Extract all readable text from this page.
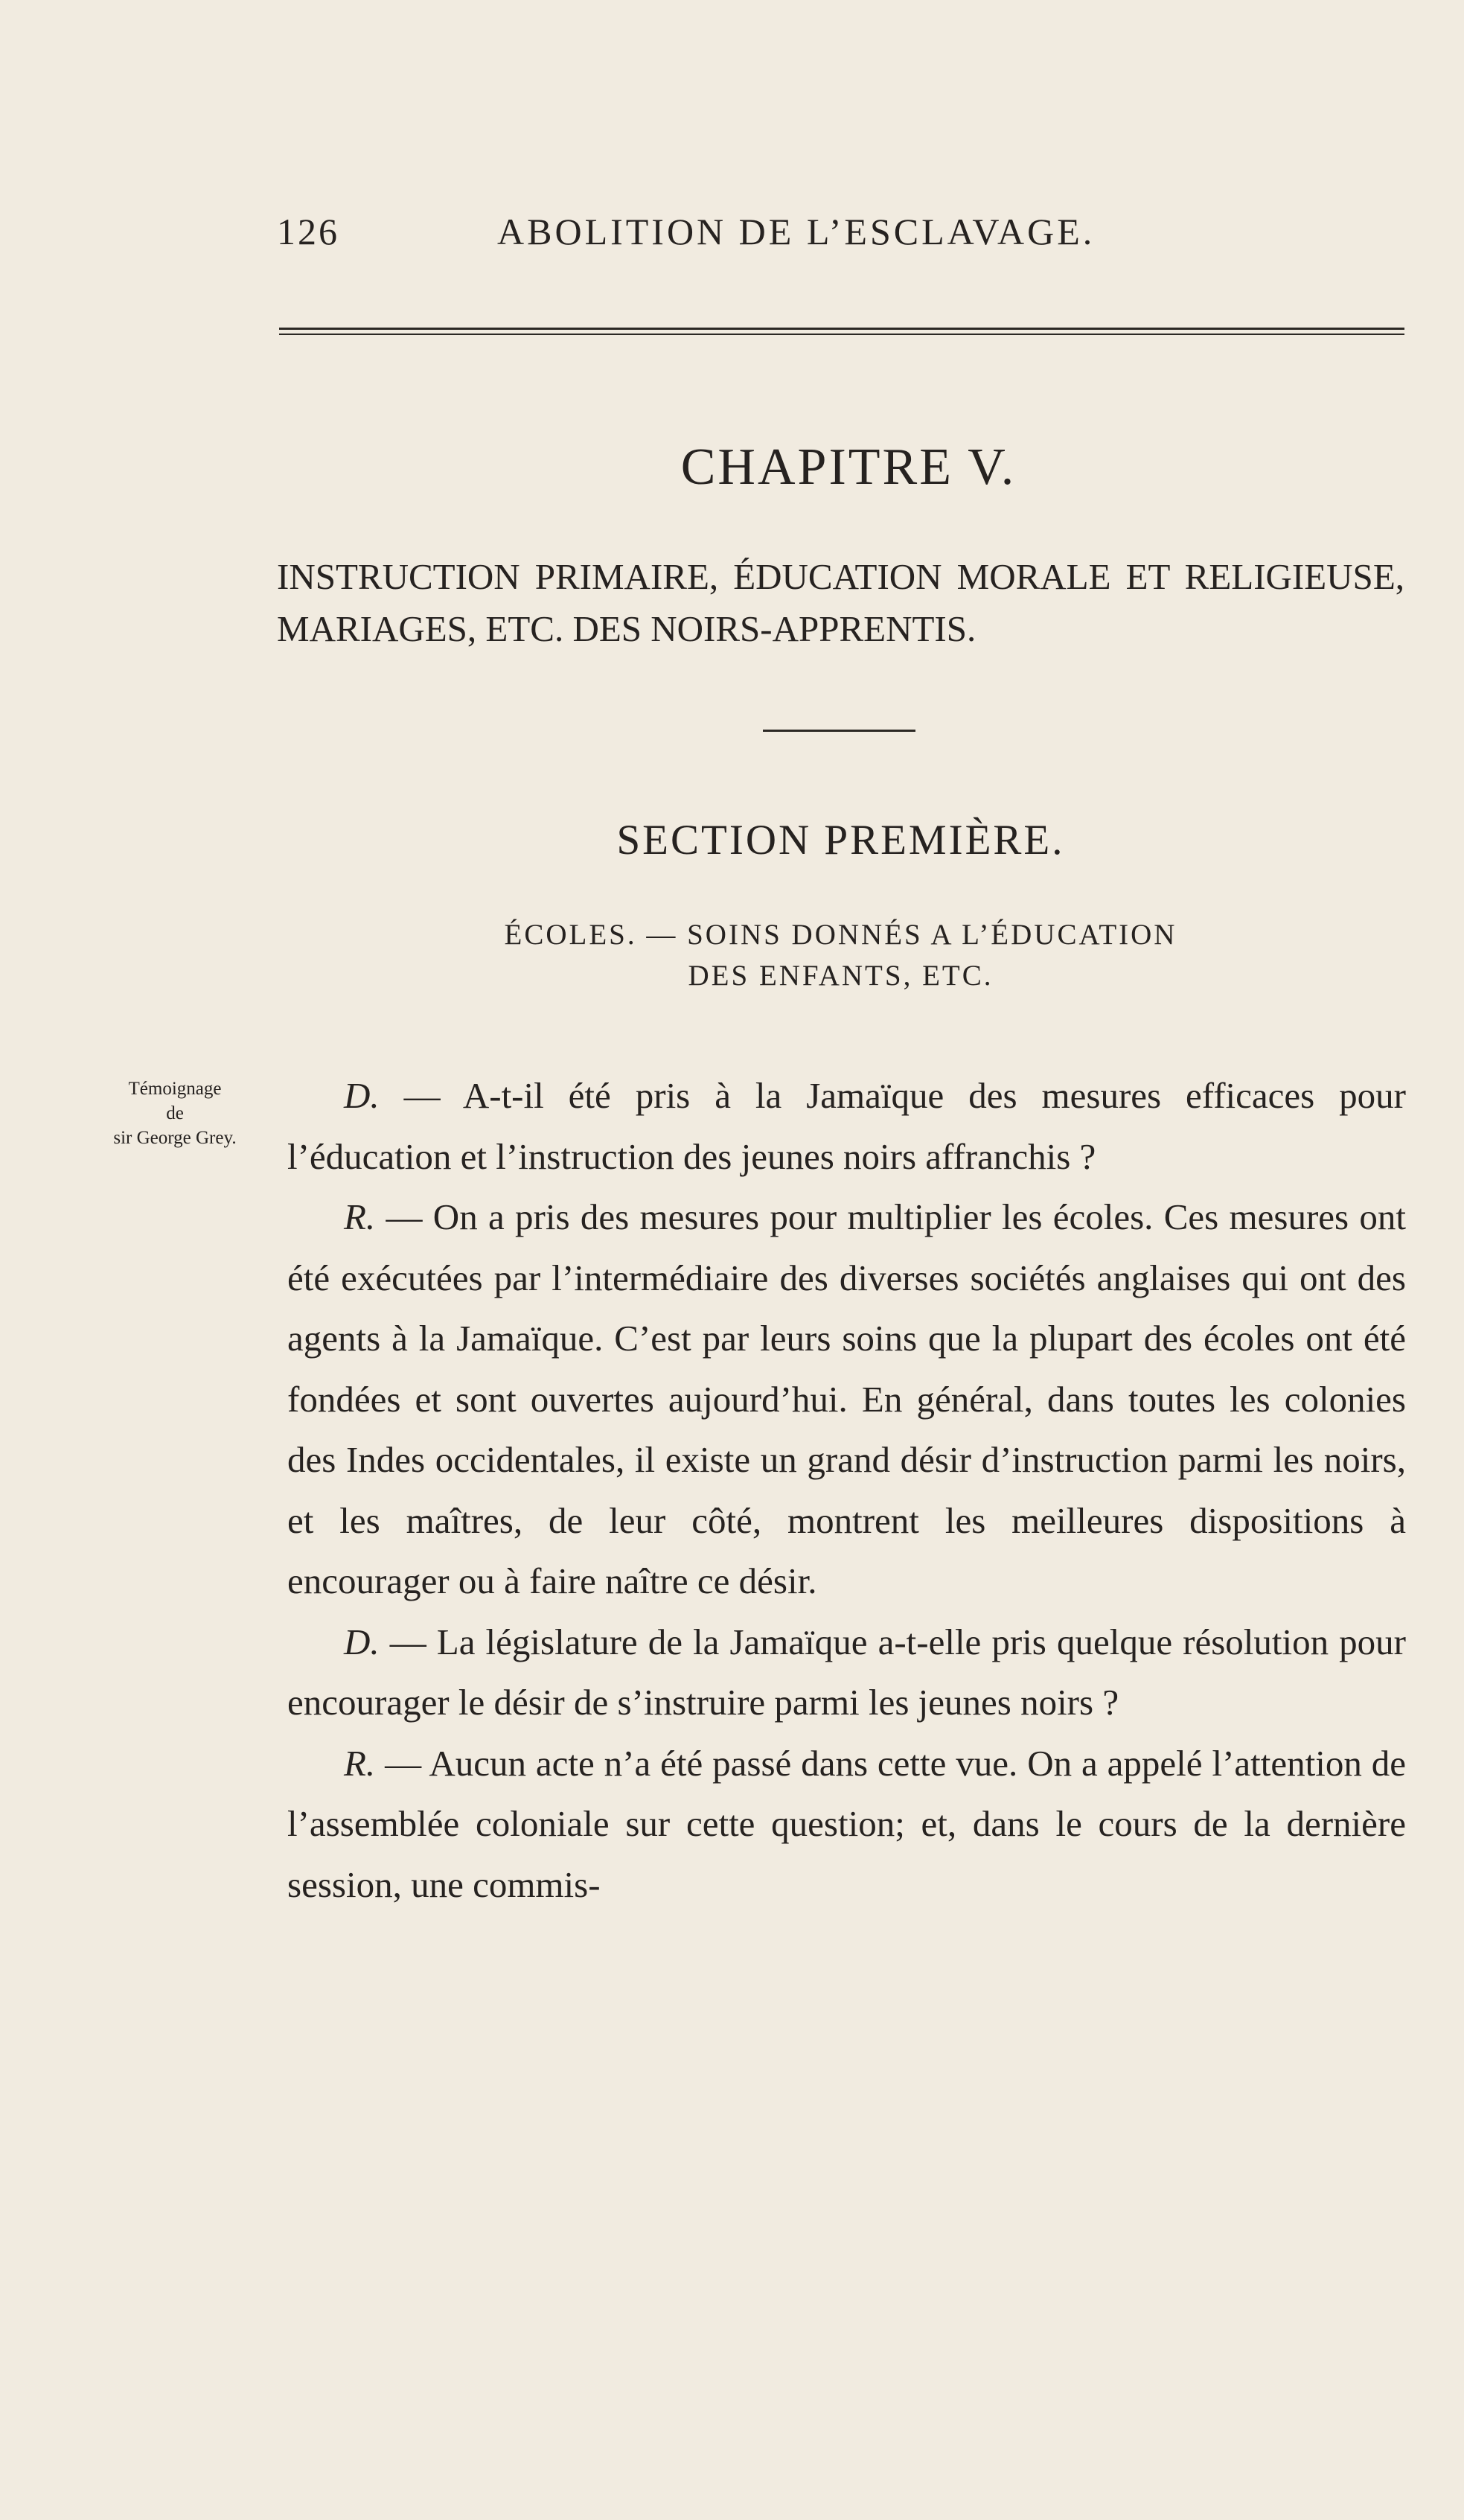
126	ABOLITION DE L’ESCLAVAGE.
CHAPITRE V.
INSTRUCTION PRIMAIRE, ÉDUCATION MORALE ET RELIGIEUSE, MARIAGES, ETC. DES NOIRS-APPRENTIS.
SECTION PREMIÈRE.
ÉCOLES. — SOINS DONNÉS A L’ÉDUCATION
DES ENFANTS, ETC.
Témoignage
de
sir George Grey.

D. — A-t-il été pris à la Jamaïque des mesures efficaces pour l’éducation et l’instruction des jeunes noirs affranchis ?

R. — On a pris des mesures pour multiplier les écoles. Ces mesures ont été exécutées par l’intermédiaire des diverses sociétés anglaises qui ont des agents à la Jamaïque. C’est par leurs soins que la plupart des écoles ont été fondées et sont ouvertes aujourd’hui. En général, dans toutes les colonies des Indes occidentales, il existe un grand désir d’instruction parmi les noirs, et les maîtres, de leur côté, montrent les meilleures dispositions à encourager ou à faire naître ce désir.

D. — La législature de la Jamaïque a-t-elle pris quelque résolution pour encourager le désir de s’instruire parmi les jeunes noirs ?

R. — Aucun acte n’a été passé dans cette vue. On a appelé l’attention de l’assemblée coloniale sur cette question; et, dans le cours de la dernière session, une commis-
